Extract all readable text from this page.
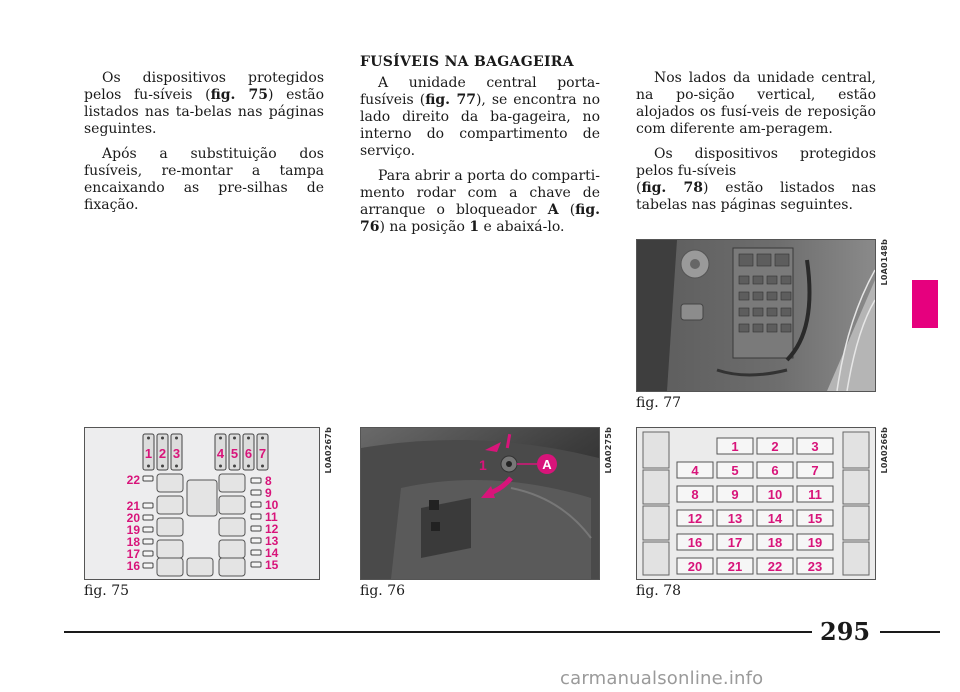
Os dispositivos protegidos pelos fu-síveis (fig. 75) estão listados nas ta-belas nas páginas seguintes.

Após a substituição dos fusíveis, re-montar a tampa encaixando as pre-silhas de fixação.

FUSÍVEIS NA BAGAGEIRA

A unidade central porta-fusíveis (fig. 77), se encontra no lado direito da ba-gageira, no interno do compartimento de serviço.

Para abrir a porta do comparti-mento rodar com a chave de arranque o bloqueador A (fig. 76) na posição 1 e abaixá-lo.

Nos lados da unidade central, na po-sição vertical, estão alojados os fusí-veis de reposição com diferente am-peragem.

Os dispositivos protegidos pelos fu-síveis
(fig. 78) estão listados nas tabelas nas páginas seguintes.

1 2 3	4 5 6 7
22
21
20
19
18
17
16
8
9
10
11
12
13
14
15
L0A0267b
fig. 75
A
1	L0A0275b
fig. 76
L0A0148b
fig. 77
1	2	3
4	5	6	7
8	9 10 11
12 13 14 15
16 17 18 19
20 21 22 23
L0A0266b
fig. 78
295
carmanualsonline.info
